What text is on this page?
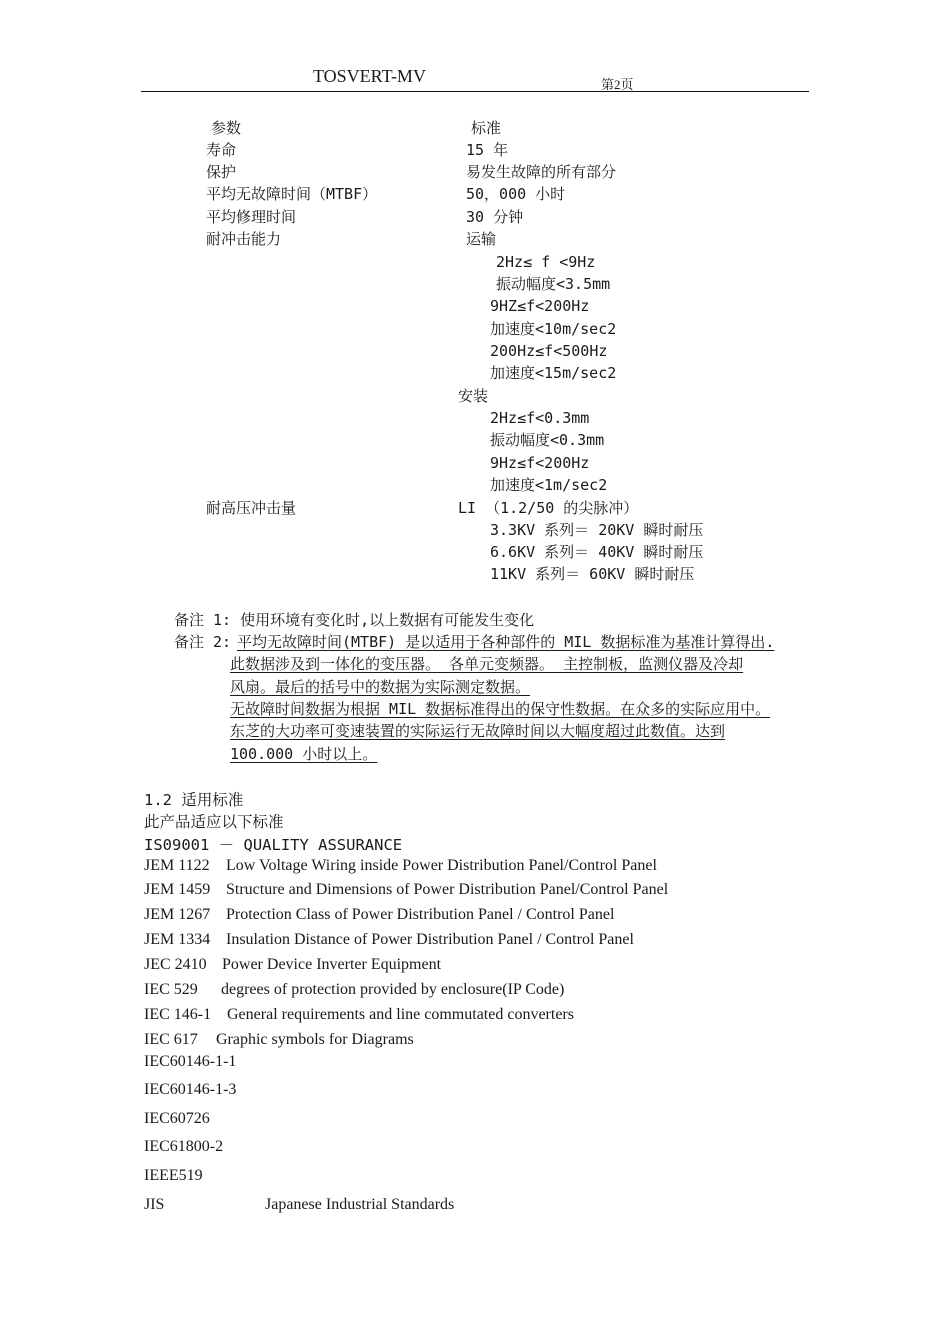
TOSVERT-MV	第2页
参数	标准
寿命	15 年
保护	易发生故障的所有部分
平均无故障时间（MTBF）	50，000 小时
平均修理时间	30 分钟
耐冲击能力	运输
2Hz≤ f <9Hz
振动幅度<3.5mm
9HZ≤f<200Hz
加速度<10m/sec2
200Hz≤f<500Hz
加速度<15m/sec2
安装
2Hz≤f<0.3mm
振动幅度<0.3mm
9Hz≤f<200Hz
加速度<1m/sec2
耐高压冲击量	LI （1.2/50 的尖脉冲）
3.3KV 系列＝ 20KV 瞬时耐压
6.6KV 系列＝ 40KV 瞬时耐压
11KV 系列＝ 60KV 瞬时耐压
备注 1: 使用环境有变化时,以上数据有可能发生变化
备注 2: 平均无故障时间(MTBF) 是以适用于各种部件的 MIL 数据标准为基准计算得出.
此数据涉及到一体化的变压器。 各单元变频器。 主控制板，监测仪器及冷却
风扇。最后的括号中的数据为实际测定数据。
无故障时间数据为根据 MIL 数据标准得出的保守性数据。在众多的实际应用中。
东芝的大功率可变速装置的实际运行无故障时间以大幅度超过此数值。达到
100.000 小时以上。
1.2 适用标准
此产品适应以下标准
IS09001 － QUALITY ASSURANCE
JEM 1122 Low Voltage Wiring inside Power Distribution Panel/Control Panel
JEM 1459 Structure and Dimensions of Power Distribution Panel/Control Panel
JEM 1267 Protection Class of Power Distribution Panel / Control Panel
JEM 1334 Insulation Distance of Power Distribution Panel / Control Panel
JEC 2410 Power Device Inverter Equipment
IEC 529 degrees of protection provided by enclosure(IP Code)
IEC 146-1 General requirements and line commutated converters
IEC 617 Graphic symbols for Diagrams
IEC60146-1-1
IEC60146-1-3
IEC60726
IEC61800-2
IEEE519
JIS	Japanese Industrial Standards
